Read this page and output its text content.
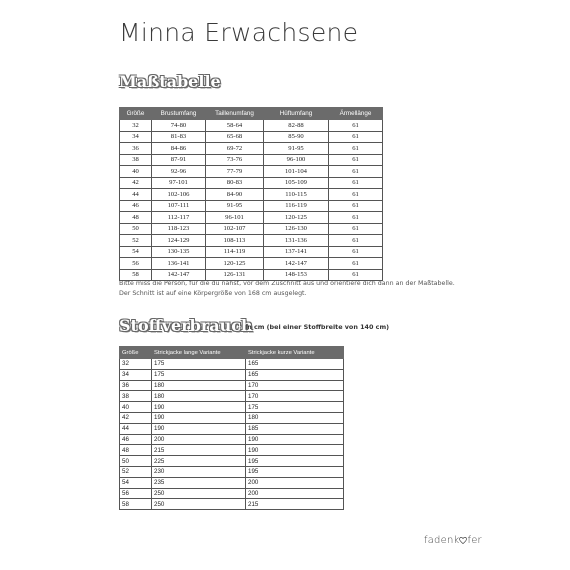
Minna Erwachsene
Maßtabelle
Größe	Brustumfang	Taillenumfang	Hüftumfang	Ärmellänge
32	74-80	58-64	82-88	61
34	81-83	65-68	85-90	61
36	84-86	69-72	91-95	61
38	87-91	73-76	96-100	61
40	92-96	77-79	101-104	61
42	97-101	80-83	105-109	61
44	102-106	84-90	110-115	61
46	107-111	91-95	116-119	61
48	112-117	96-101	120-125	61
50	118-123	102-107	126-130	61
52	124-129	108-113	131-136	61
54	130-135	114-119	137-141	61
56	136-141	120-125	142-147	61
58	142-147	126-131	148-153	61

Bitte miss die Person, für die du nähst, vor dem Zuschnitt aus und orientiere dich dann an der Maßtabelle.

Der Schnitt ist auf eine Körpergröße von 168 cm ausgelegt.

Stoffverbrauch
in cm (bei einer Stoffbreite von 140 cm)
Größe	Strickjacke lange Variante	Strickjacke kurze Variante
32	175	165
34	175	165
36	180	170
38	180	170
40	190	175
42	190	180
44	190	185
46	200	190
48	215	190
50	225	195
52	230	195
54	235	200
56	250	200
58	250	215
fadenk fer
